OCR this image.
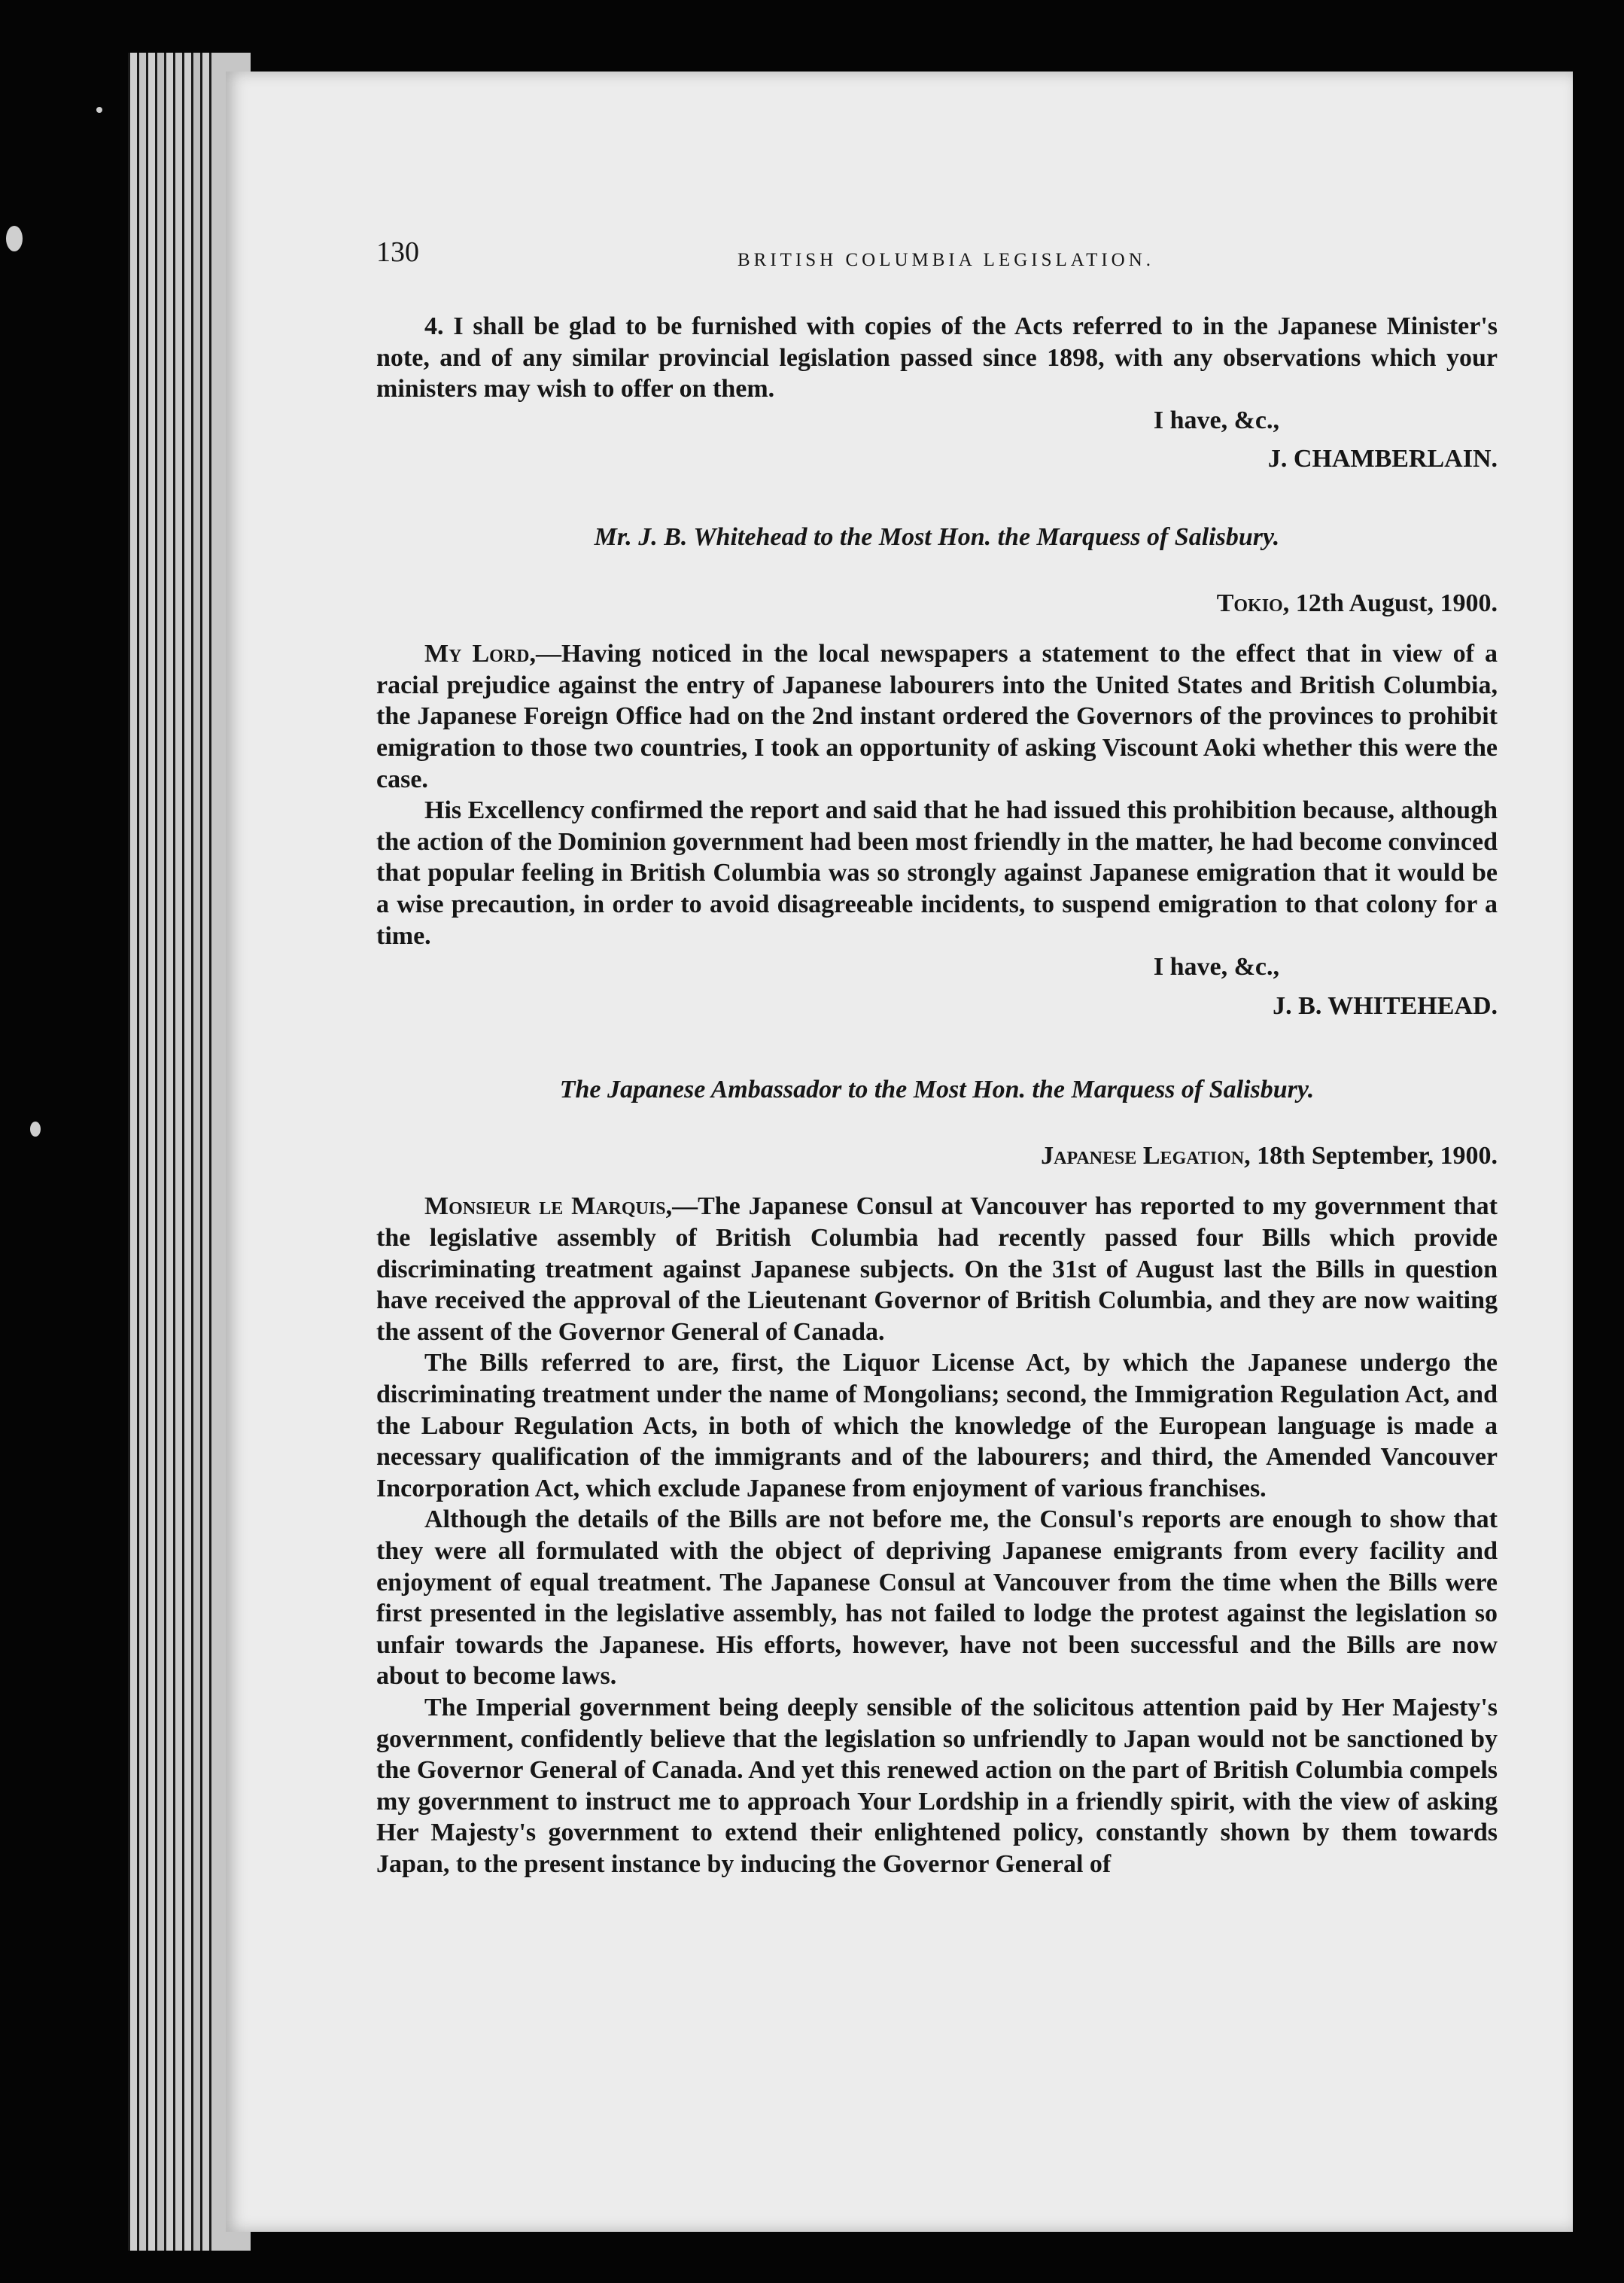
130	BRITISH COLUMBIA LEGISLATION.

4. I shall be glad to be furnished with copies of the Acts referred to in the Japanese Minister's note, and of any similar provincial legislation passed since 1898, with any observations which your ministers may wish to offer on them.

I have, &c.,
J. CHAMBERLAIN.
Mr. J. B. Whitehead to the Most Hon. the Marquess of Salisbury.
Tokio, 12th August, 1900.

My Lord,—Having noticed in the local newspapers a statement to the effect that in view of a racial prejudice against the entry of Japanese labourers into the United States and British Columbia, the Japanese Foreign Office had on the 2nd instant ordered the Governors of the provinces to prohibit emigration to those two countries, I took an opportunity of asking Viscount Aoki whether this were the case.

His Excellency confirmed the report and said that he had issued this prohibition because, although the action of the Dominion government had been most friendly in the matter, he had become convinced that popular feeling in British Columbia was so strongly against Japanese emigration that it would be a wise precaution, in order to avoid disagreeable incidents, to suspend emigration to that colony for a time.

I have, &c.,
J. B. WHITEHEAD.
The Japanese Ambassador to the Most Hon. the Marquess of Salisbury.
Japanese Legation, 18th September, 1900.

Monsieur le Marquis,—The Japanese Consul at Vancouver has reported to my government that the legislative assembly of British Columbia had recently passed four Bills which provide discriminating treatment against Japanese subjects. On the 31st of August last the Bills in question have received the approval of the Lieutenant Governor of British Columbia, and they are now waiting the assent of the Governor General of Canada.

The Bills referred to are, first, the Liquor License Act, by which the Japanese undergo the discriminating treatment under the name of Mongolians; second, the Immigration Regulation Act, and the Labour Regulation Acts, in both of which the knowledge of the European language is made a necessary qualification of the immigrants and of the labourers; and third, the Amended Vancouver Incorporation Act, which exclude Japanese from enjoyment of various franchises.

Although the details of the Bills are not before me, the Consul's reports are enough to show that they were all formulated with the object of depriving Japanese emigrants from every facility and enjoyment of equal treatment. The Japanese Consul at Vancouver from the time when the Bills were first presented in the legislative assembly, has not failed to lodge the protest against the legislation so unfair towards the Japanese. His efforts, however, have not been successful and the Bills are now about to become laws.

The Imperial government being deeply sensible of the solicitous attention paid by Her Majesty's government, confidently believe that the legislation so unfriendly to Japan would not be sanctioned by the Governor General of Canada. And yet this renewed action on the part of British Columbia compels my government to instruct me to approach Your Lordship in a friendly spirit, with the view of asking Her Majesty's government to extend their enlightened policy, constantly shown by them towards Japan, to the present instance by inducing the Governor General of
